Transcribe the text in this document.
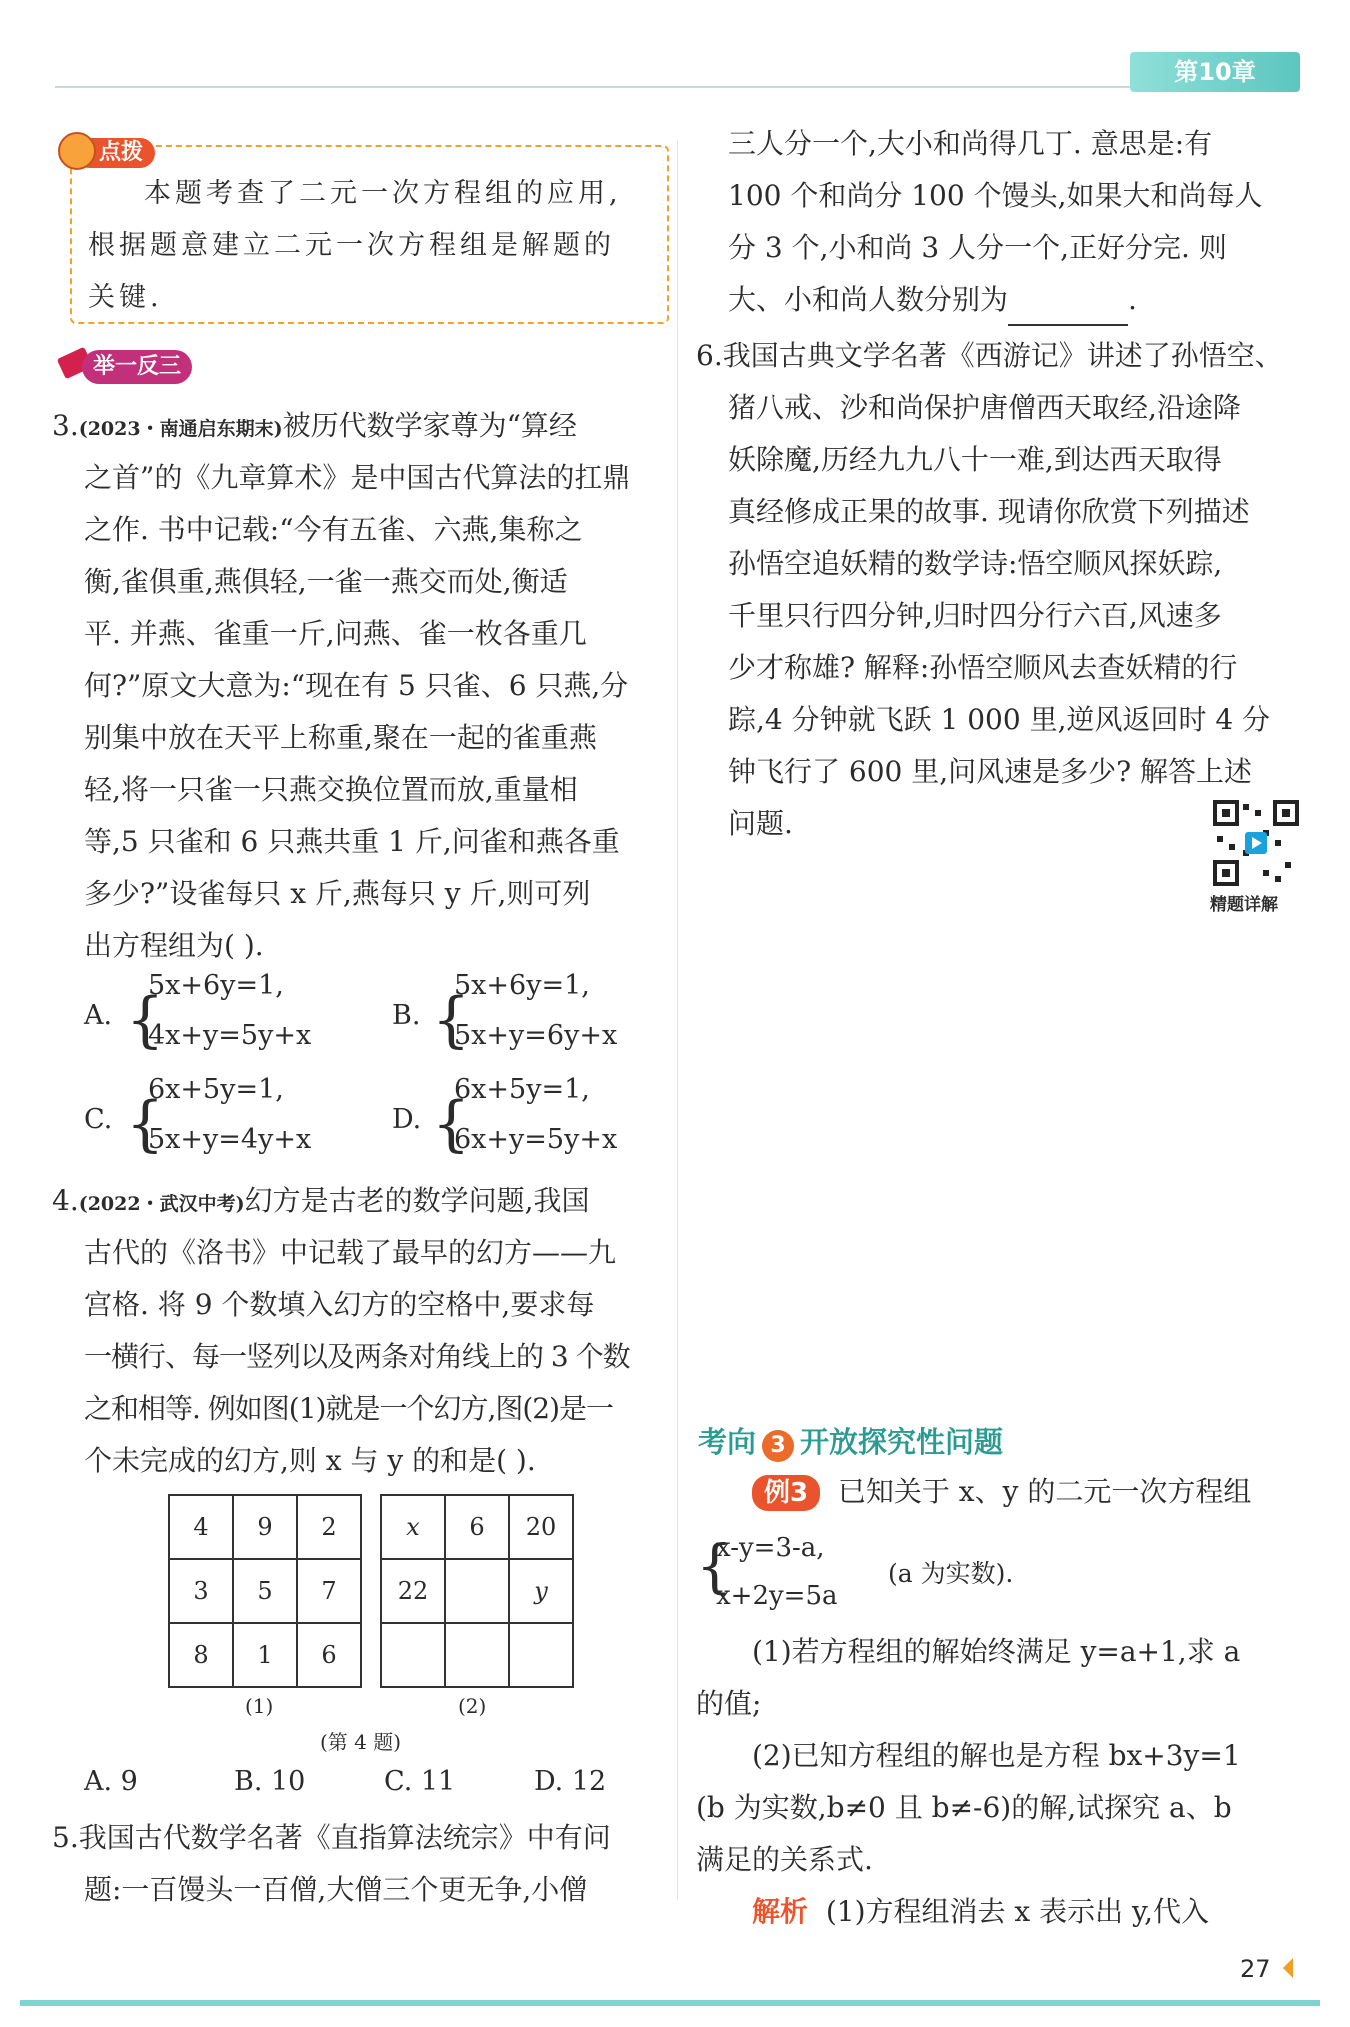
第10章
点拨
本题考查了二元一次方程组的应用,
根据题意建立二元一次方程组是解题的
关键.
举一反三
3.(2023・南通启东期末)被历代数学家尊为“算经
之首”的《九章算术》是中国古代算法的扛鼎
之作. 书中记载:“今有五雀、六燕,集称之
衡,雀俱重,燕俱轻,一雀一燕交而处,衡适
平. 并燕、雀重一斤,问燕、雀一枚各重几
何?”原文大意为:“现在有 5 只雀、6 只燕,分
别集中放在天平上称重,聚在一起的雀重燕
轻,将一只雀一只燕交换位置而放,重量相
等,5 只雀和 6 只燕共重 1 斤,问雀和燕各重
多少?”设雀每只 x 斤,燕每只 y 斤,则可列
出方程组为( ).
A. {
5x+6y=1,
4x+y=5y+x
B. {
5x+6y=1,
5x+y=6y+x
C. {
6x+5y=1,
5x+y=4y+x
D. {
6x+5y=1,
6x+y=5y+x
4.(2022・武汉中考)幻方是古老的数学问题,我国
古代的《洛书》中记载了最早的幻方——九
宫格. 将 9 个数填入幻方的空格中,要求每
一横行、每一竖列以及两条对角线上的 3 个数
之和相等. 例如图(1)就是一个幻方,图(2)是一
个未完成的幻方,则 x 与 y 的和是( ).
4	9	2
3	5	7
8	1	6
x	6	20
22		y

(1)	(2)
(第 4 题)
A. 9	B. 10	C. 11	D. 12
5.我国古代数学名著《直指算法统宗》中有问
题:一百馒头一百僧,大僧三个更无争,小僧
三人分一个,大小和尚得几丁. 意思是:有
100 个和尚分 100 个馒头,如果大和尚每人
分 3 个,小和尚 3 人分一个,正好分完. 则
大、小和尚人数分别为	.
6.我国古典文学名著《西游记》讲述了孙悟空、
猪八戒、沙和尚保护唐僧西天取经,沿途降
妖除魔,历经九九八十一难,到达西天取得
真经修成正果的故事. 现请你欣赏下列描述
孙悟空追妖精的数学诗:悟空顺风探妖踪,
千里只行四分钟,归时四分行六百,风速多
少才称雄? 解释:孙悟空顺风去查妖精的行
踪,4 分钟就飞跃 1 000 里,逆风返回时 4 分
钟飞行了 600 里,问风速是多少? 解答上述
问题.
精题详解
考向 3 开放探究性问题
例3 已知关于 x、y 的二元一次方程组
{
x-y=3-a,
x+2y=5a
(a 为实数).
(1)若方程组的解始终满足 y=a+1,求 a
的值;
(2)已知方程组的解也是方程 bx+3y=1
(b 为实数,b≠0 且 b≠-6)的解,试探究 a、b
满足的关系式.
解析 (1)方程组消去 x 表示出 y,代入
27
